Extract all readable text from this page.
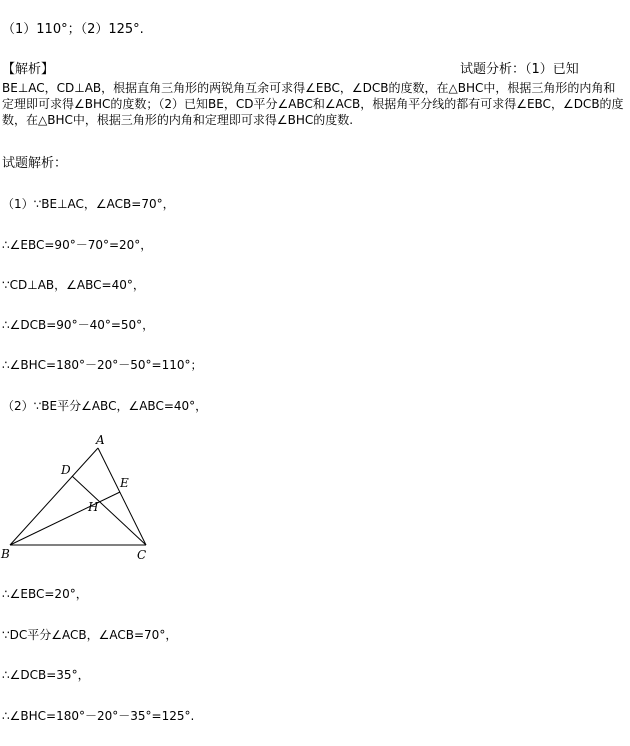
（1）110°；（2）125°.
【解析】	试题分析：（1）已知
BE⊥AC，CD⊥AB，根据直角三角形的两锐角互余可求得∠EBC，∠DCB的度数，在△BHC中，根据三角形的内角和定理即可求得∠BHC的度数；（2）已知BE，CD平分∠ABC和∠ACB，根据角平分线的都有可求得∠EBC，∠DCB的度数，在△BHC中，根据三角形的内角和定理即可求得∠BHC的度数.
试题解析：
（1）∵BE⊥AC，∠ACB=70°，
∴∠EBC=90°－70°=20°，
∵CD⊥AB，∠ABC=40°，
∴∠DCB=90°－40°=50°，
∴∠BHC=180°－20°－50°=110°；
（2）∵BE平分∠ABC，∠ABC=40°，
A
B	C
D
E
H
∴∠EBC=20°，
∵DC平分∠ACB，∠ACB=70°，
∴∠DCB=35°，
∴∠BHC=180°－20°－35°=125°.
